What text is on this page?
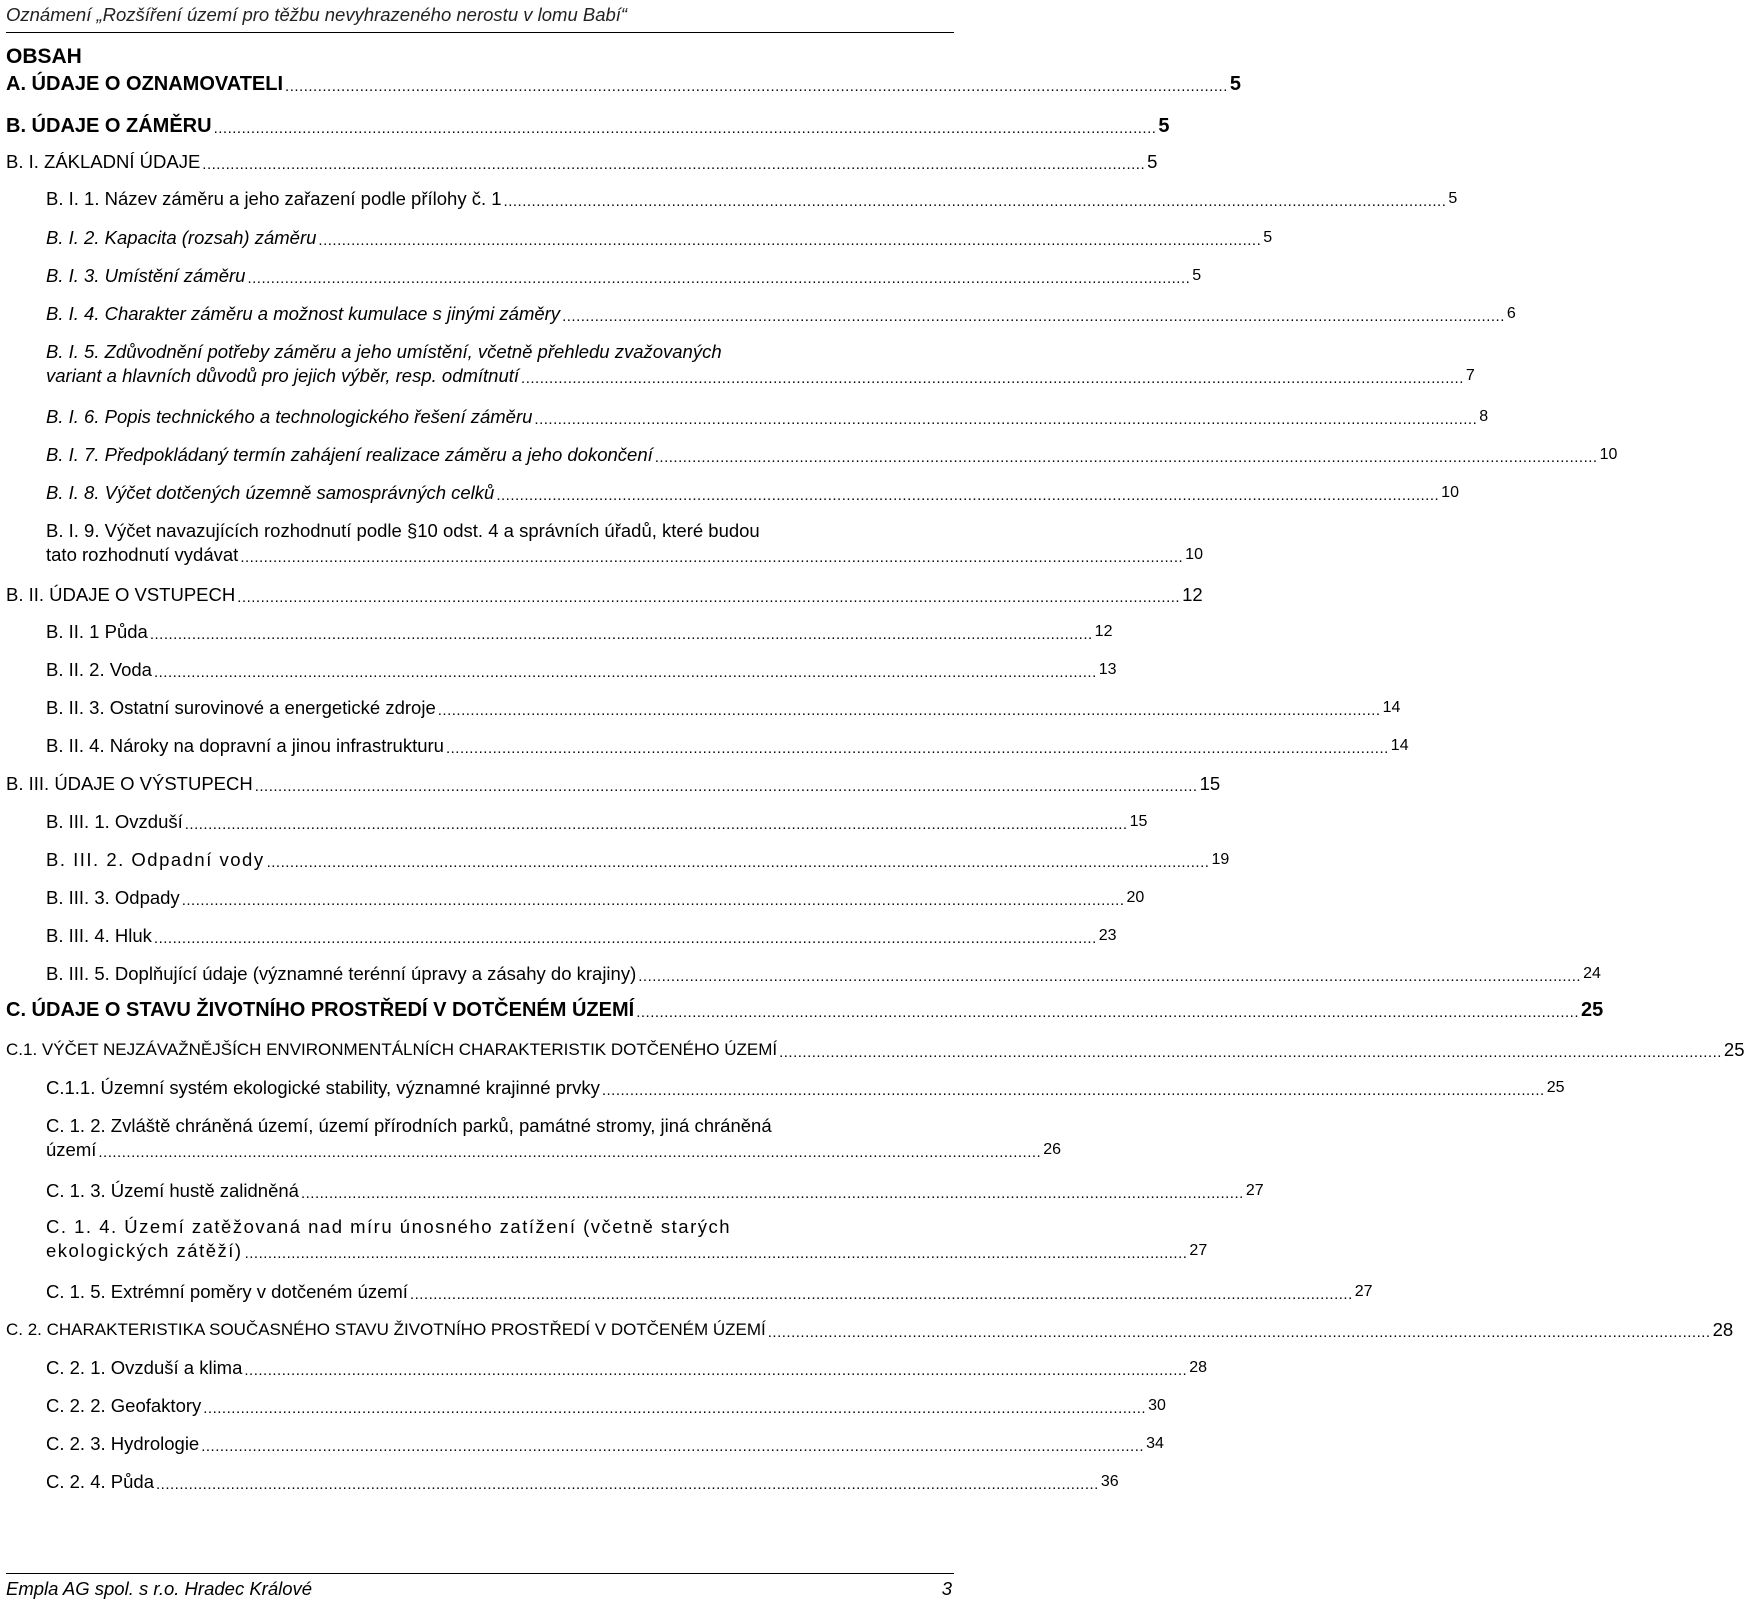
Oznámení „Rozšíření území pro těžbu nevyhrazeného nerostu v lomu Babí“
OBSAH
A. ÚDAJE O OZNAMOVATELI .......................................................................................................................................................................................................... 5
B. ÚDAJE O ZÁMĚRU .......................................................................................................................................................................................................... 5
B. I. ZÁKLADNÍ ÚDAJE .......................................................................................................................................................................................................... 5
B. I. 1. Název záměru a jeho zařazení podle přílohy č. 1 .......................................................................................................................................................................................................... 5
B. I. 2. Kapacita (rozsah) záměru .......................................................................................................................................................................................................... 5
B. I. 3. Umístění záměru .......................................................................................................................................................................................................... 5
B. I. 4. Charakter záměru a možnost kumulace s jinými záměry .......................................................................................................................................................................................................... 6
B. I. 5. Zdůvodnění potřeby záměru a jeho umístění, včetně přehledu zvažovaných
variant a hlavních důvodů pro jejich výběr, resp. odmítnutí .......................................................................................................................................................................................................... 7
B. I. 6. Popis technického a technologického řešení záměru .......................................................................................................................................................................................................... 8
B. I. 7. Předpokládaný termín zahájení realizace záměru a jeho dokončení .......................................................................................................................................................................................................... 10
B. I. 8. Výčet dotčených územně samosprávných celků .......................................................................................................................................................................................................... 10
B. I. 9. Výčet navazujících rozhodnutí podle §10 odst. 4 a správních úřadů, které budou
tato rozhodnutí vydávat .......................................................................................................................................................................................................... 10
B. II. ÚDAJE O VSTUPECH .......................................................................................................................................................................................................... 12
B. II. 1 Půda .......................................................................................................................................................................................................... 12
B. II. 2. Voda .......................................................................................................................................................................................................... 13
B. II. 3. Ostatní surovinové a energetické zdroje .......................................................................................................................................................................................................... 14
B. II. 4. Nároky na dopravní a jinou infrastrukturu .......................................................................................................................................................................................................... 14
B. III. ÚDAJE O VÝSTUPECH .......................................................................................................................................................................................................... 15
B. III. 1. Ovzduší .......................................................................................................................................................................................................... 15
B. III. 2. Odpadní vody .......................................................................................................................................................................................................... 19
B. III. 3. Odpady .......................................................................................................................................................................................................... 20
B. III. 4. Hluk .......................................................................................................................................................................................................... 23
B. III. 5. Doplňující údaje (významné terénní úpravy a zásahy do krajiny) .......................................................................................................................................................................................................... 24
C. ÚDAJE O STAVU ŽIVOTNÍHO PROSTŘEDÍ V DOTČENÉM ÚZEMÍ .......................................................................................................................................................................................................... 25
C.1. VÝČET NEJZÁVAŽNĚJŠÍCH ENVIRONMENTÁLNÍCH CHARAKTERISTIK DOTČENÉHO ÚZEMÍ .......................................................................................................................................................................................................... 25
C.1.1. Územní systém ekologické stability, významné krajinné prvky .......................................................................................................................................................................................................... 25
C. 1. 2. Zvláště chráněná území, území přírodních parků, památné stromy, jiná chráněná
území .......................................................................................................................................................................................................... 26
C. 1. 3. Území hustě zalidněná .......................................................................................................................................................................................................... 27
C. 1. 4. Území zatěžovaná nad míru únosného zatížení (včetně starých
ekologických zátěží) .......................................................................................................................................................................................................... 27
C. 1. 5. Extrémní poměry v dotčeném území .......................................................................................................................................................................................................... 27
C. 2. CHARAKTERISTIKA SOUČASNÉHO STAVU ŽIVOTNÍHO PROSTŘEDÍ V DOTČENÉM ÚZEMÍ .......................................................................................................................................................................................................... 28
C. 2. 1. Ovzduší a klima .......................................................................................................................................................................................................... 28
C. 2. 2. Geofaktory .......................................................................................................................................................................................................... 30
C. 2. 3. Hydrologie .......................................................................................................................................................................................................... 34
C. 2. 4. Půda .......................................................................................................................................................................................................... 36
Empla AG spol. s r.o. Hradec Králové	3
